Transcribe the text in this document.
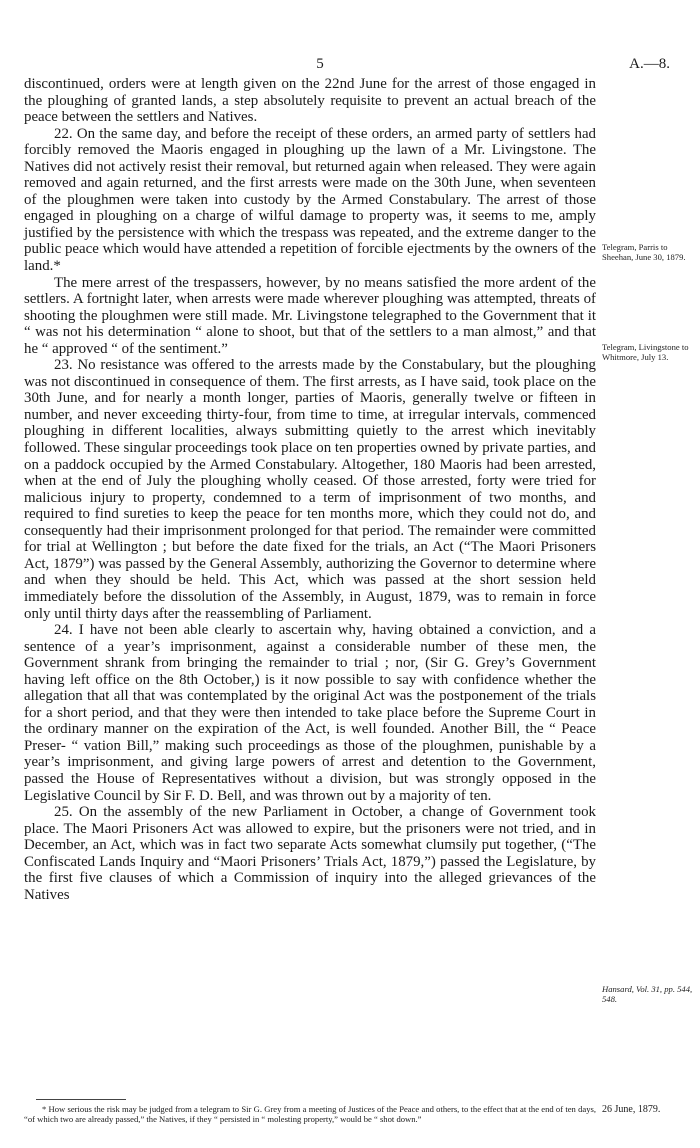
5	A.—8.

discontinued, orders were at length given on the 22nd June for the arrest of those engaged in the ploughing of granted lands, a step absolutely requisite to prevent an actual breach of the peace between the settlers and Natives.

22. On the same day, and before the receipt of these orders, an armed party of settlers had forcibly removed the Maoris engaged in ploughing up the lawn of a Mr. Livingstone. The Natives did not actively resist their removal, but returned again when released. They were again removed and again returned, and the first arrests were made on the 30th June, when seventeen of the ploughmen were taken into custody by the Armed Constabulary. The arrest of those engaged in ploughing on a charge of wilful damage to property was, it seems to me, amply justified by the persistence with which the trespass was repeated, and the extreme danger to the public peace which would have attended a repetition of forcible ejectments by the owners of the land.*

The mere arrest of the trespassers, however, by no means satisfied the more ardent of the settlers. A fortnight later, when arrests were made wherever ploughing was attempted, threats of shooting the ploughmen were still made. Mr. Livingstone telegraphed to the Government that it “ was not his determination “ alone to shoot, but that of the settlers to a man almost,” and that he “ approved “ of the sentiment.”

23. No resistance was offered to the arrests made by the Constabulary, but the ploughing was not discontinued in consequence of them. The first arrests, as I have said, took place on the 30th June, and for nearly a month longer, parties of Maoris, generally twelve or fifteen in number, and never exceeding thirty-four, from time to time, at irregular intervals, commenced ploughing in different localities, always submitting quietly to the arrest which inevitably followed. These singular proceedings took place on ten properties owned by private parties, and on a paddock occupied by the Armed Constabulary. Altogether, 180 Maoris had been arrested, when at the end of July the ploughing wholly ceased. Of those arrested, forty were tried for malicious injury to property, condemned to a term of imprisonment of two months, and required to find sureties to keep the peace for ten months more, which they could not do, and consequently had their imprisonment prolonged for that period. The remainder were committed for trial at Wellington ; but before the date fixed for the trials, an Act (“The Maori Prisoners Act, 1879”) was passed by the General Assembly, authorizing the Governor to determine where and when they should be held. This Act, which was passed at the short session held immediately before the dissolution of the Assembly, in August, 1879, was to remain in force only until thirty days after the reassembling of Parliament.

24. I have not been able clearly to ascertain why, having obtained a conviction, and a sentence of a year’s imprisonment, against a considerable number of these men, the Government shrank from bringing the remainder to trial ; nor, (Sir G. Grey’s Government having left office on the 8th October,) is it now possible to say with confidence whether the allegation that all that was contemplated by the original Act was the postponement of the trials for a short period, and that they were then intended to take place before the Supreme Court in the ordinary manner on the expiration of the Act, is well founded. Another Bill, the “ Peace Preser- “ vation Bill,” making such proceedings as those of the ploughmen, punishable by a year’s imprisonment, and giving large powers of arrest and detention to the Government, passed the House of Representatives without a division, but was strongly opposed in the Legislative Council by Sir F. D. Bell, and was thrown out by a majority of ten.

25. On the assembly of the new Parliament in October, a change of Government took place. The Maori Prisoners Act was allowed to expire, but the prisoners were not tried, and in December, an Act, which was in fact two separate Acts somewhat clumsily put together, (“The Confiscated Lands Inquiry and “Maori Prisoners’ Trials Act, 1879,”) passed the Legislature, by the first five clauses of which a Commission of inquiry into the alleged grievances of the Natives

Telegram, Parris to Sheehan, June 30, 1879.
Telegram, Livingstone to Whitmore, July 13.
Hansard, Vol. 31, pp. 544, 548.

* How serious the risk may be judged from a telegram to Sir G. Grey from a meeting of Justices of the Peace and others, to the effect that at the end of ten days, “of which two are already passed,” the Natives, if they “ persisted in “ molesting property,” would be “ shot down.”

26 June, 1879.
